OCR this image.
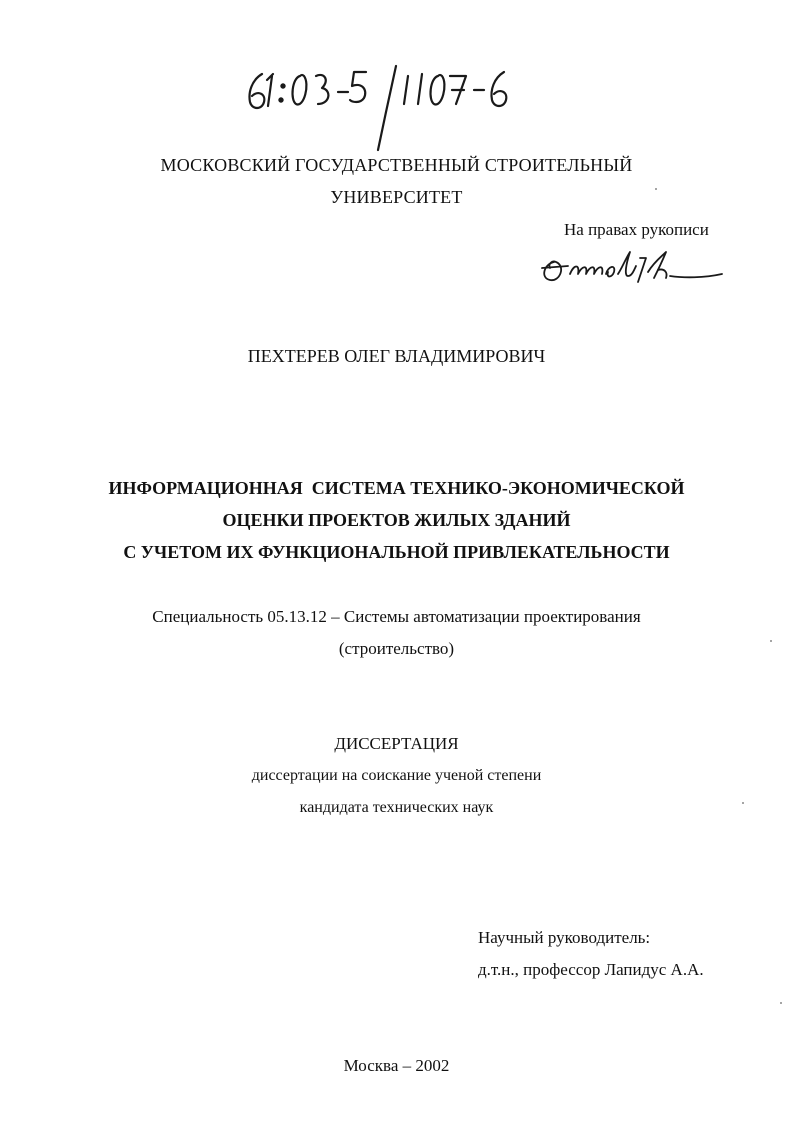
МОСКОВСКИЙ ГОСУДАРСТВЕННЫЙ СТРОИТЕЛЬНЫЙ
УНИВЕРСИТЕТ
На правах рукописи
ПЕХТЕРЕВ ОЛЕГ ВЛАДИМИРОВИЧ
ИНФОРМАЦИОННАЯ  СИСТЕМА ТЕХНИКО-ЭКОНОМИЧЕСКОЙ
ОЦЕНКИ ПРОЕКТОВ ЖИЛЫХ ЗДАНИЙ
С УЧЕТОМ ИХ ФУНКЦИОНАЛЬНОЙ ПРИВЛЕКАТЕЛЬНОСТИ
Специальность 05.13.12 – Системы автоматизации проектирования
(строительство)
ДИССЕРТАЦИЯ
диссертации на соискание ученой степени
кандидата технических наук
Научный руководитель:
д.т.н., профессор Лапидус А.А.
Москва – 2002
